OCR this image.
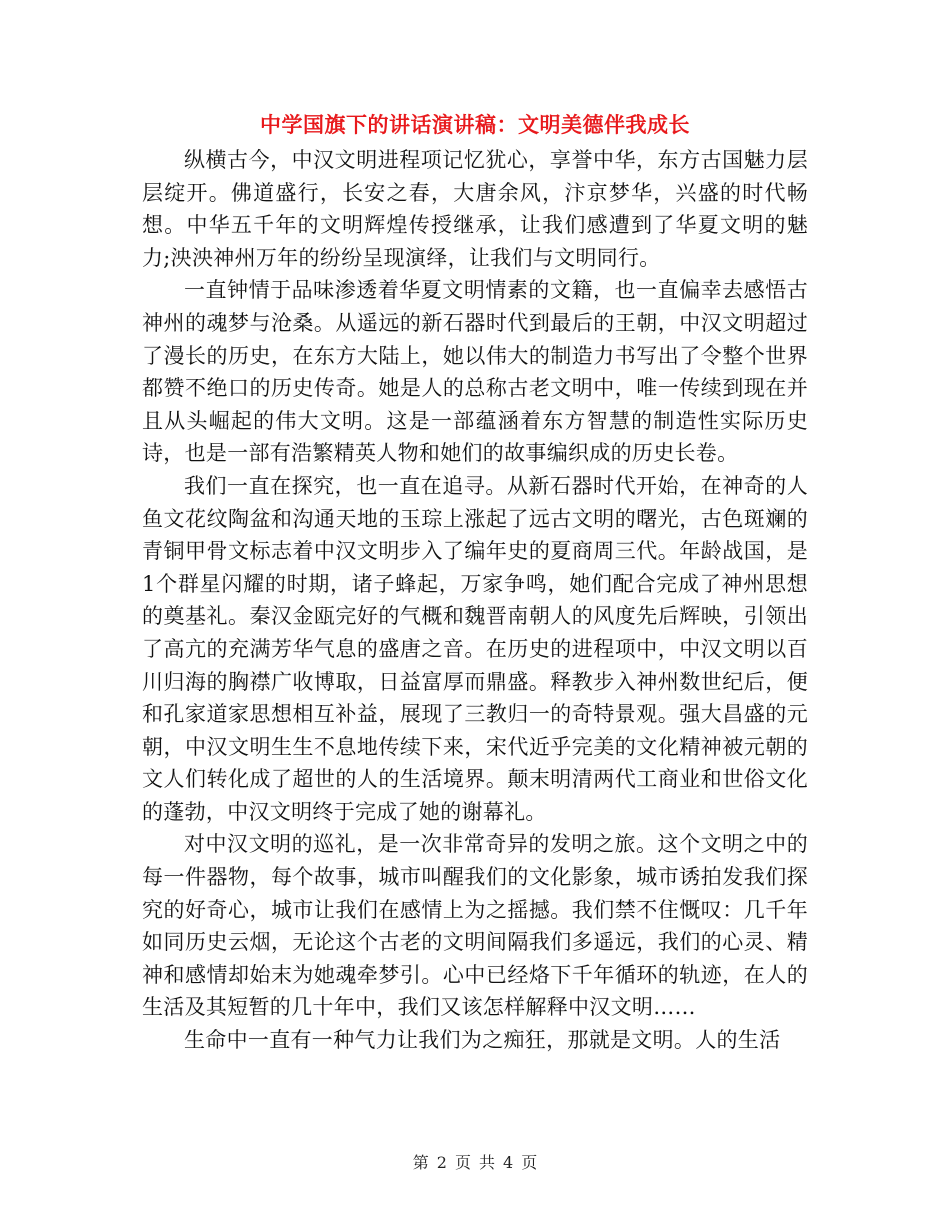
中学国旗下的讲话演讲稿：文明美德伴我成长

纵横古今，中汉文明进程项记忆犹心，享誉中华，东方古国魅力层层绽开。佛道盛行，长安之春，大唐余风，汴京梦华，兴盛的时代畅想。中华五千年的文明辉煌传授继承，让我们感遭到了华夏文明的魅力;泱泱神州万年的纷纷呈现演绎，让我们与文明同行。

一直钟情于品味渗透着华夏文明情素的文籍，也一直偏幸去感悟古神州的魂梦与沧桑。从遥远的新石器时代到最后的王朝，中汉文明超过了漫长的历史，在东方大陆上，她以伟大的制造力书写出了令整个世界都赞不绝口的历史传奇。她是人的总称古老文明中，唯一传续到现在并且从头崛起的伟大文明。这是一部蕴涵着东方智慧的制造性实际历史诗，也是一部有浩繁精英人物和她们的故事编织成的历史长卷。

我们一直在探究，也一直在追寻。从新石器时代开始，在神奇的人鱼文花纹陶盆和沟通天地的玉琮上涨起了远古文明的曙光，古色斑斓的青铜甲骨文标志着中汉文明步入了编年史的夏商周三代。年龄战国，是1个群星闪耀的时期，诸子蜂起，万家争鸣，她们配合完成了神州思想的奠基礼。秦汉金瓯完好的气概和魏晋南朝人的风度先后辉映，引领出了高亢的充满芳华气息的盛唐之音。在历史的进程项中，中汉文明以百川归海的胸襟广收博取，日益富厚而鼎盛。释教步入神州数世纪后，便和孔家道家思想相互补益，展现了三教归一的奇特景观。强大昌盛的元朝，中汉文明生生不息地传续下来，宋代近乎完美的文化精神被元朝的文人们转化成了超世的人的生活境界。颠末明清两代工商业和世俗文化的蓬勃，中汉文明终于完成了她的谢幕礼。

对中汉文明的巡礼，是一次非常奇异的发明之旅。这个文明之中的每一件器物，每个故事，城市叫醒我们的文化影象，城市诱拍发我们探究的好奇心，城市让我们在感情上为之摇撼。我们禁不住慨叹：几千年如同历史云烟，无论这个古老的文明间隔我们多遥远，我们的心灵、精神和感情却始末为她魂牵梦引。心中已经烙下千年循环的轨迹，在人的生活及其短暂的几十年中，我们又该怎样解释中汉文明……

生命中一直有一种气力让我们为之痴狂，那就是文明。人的生活

第 2 页 共 4 页
